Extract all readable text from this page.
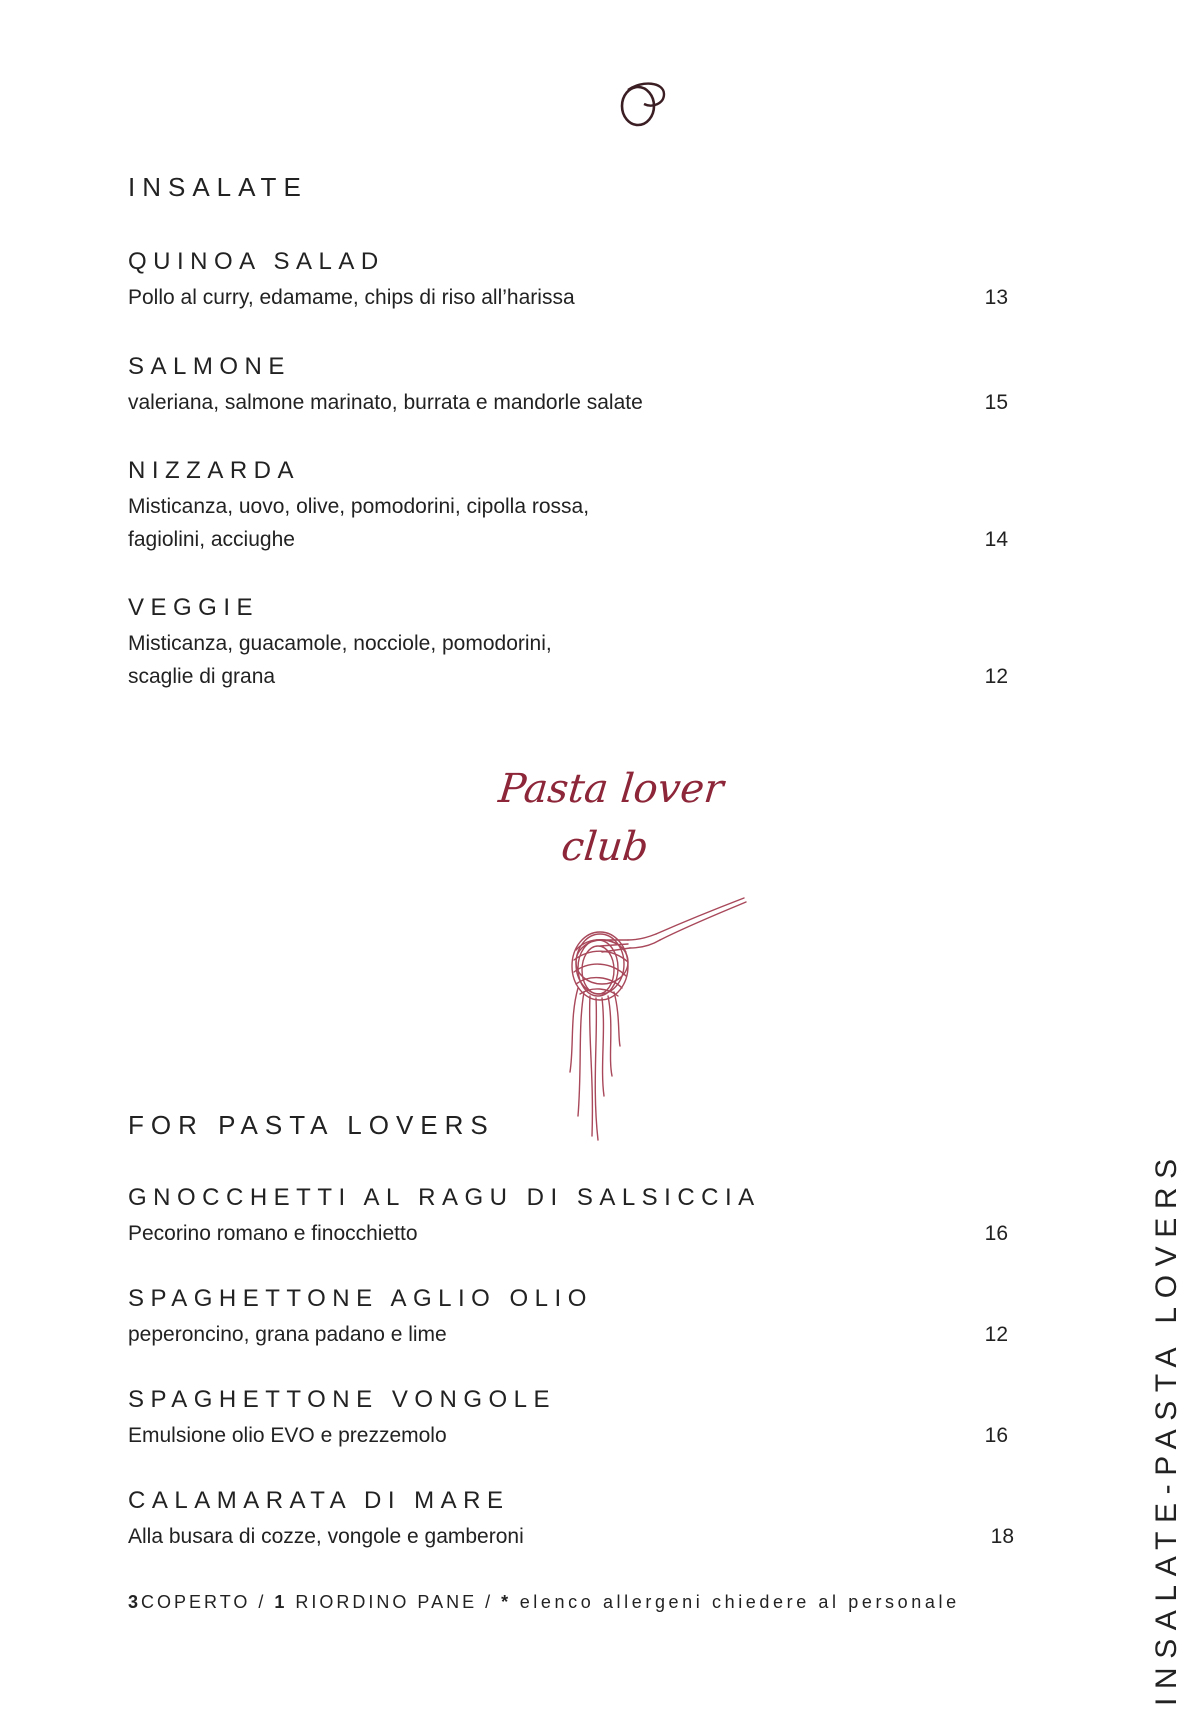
INSALATE
QUINOA SALAD
Pollo al curry, edamame, chips di riso all’harissa	13
SALMONE
valeriana, salmone marinato, burrata e mandorle salate	15
NIZZARDA
Misticanza, uovo, olive, pomodorini, cipolla rossa,
fagiolini, acciughe	14
VEGGIE
Misticanza, guacamole, nocciole, pomodorini,
scaglie di grana	12
Pasta lover
club
FOR PASTA LOVERS
GNOCCHETTI AL RAGU DI SALSICCIA
Pecorino romano e finocchietto	16
SPAGHETTONE AGLIO OLIO
peperoncino, grana padano e lime	12
SPAGHETTONE VONGOLE
Emulsione olio EVO e prezzemolo	16
CALAMARATA DI MARE
Alla busara di cozze, vongole e gamberoni	18
3COPERTO / 1 RIORDINO PANE / * elenco allergeni chiedere al personale	INSALATE-PASTA LOVERS
